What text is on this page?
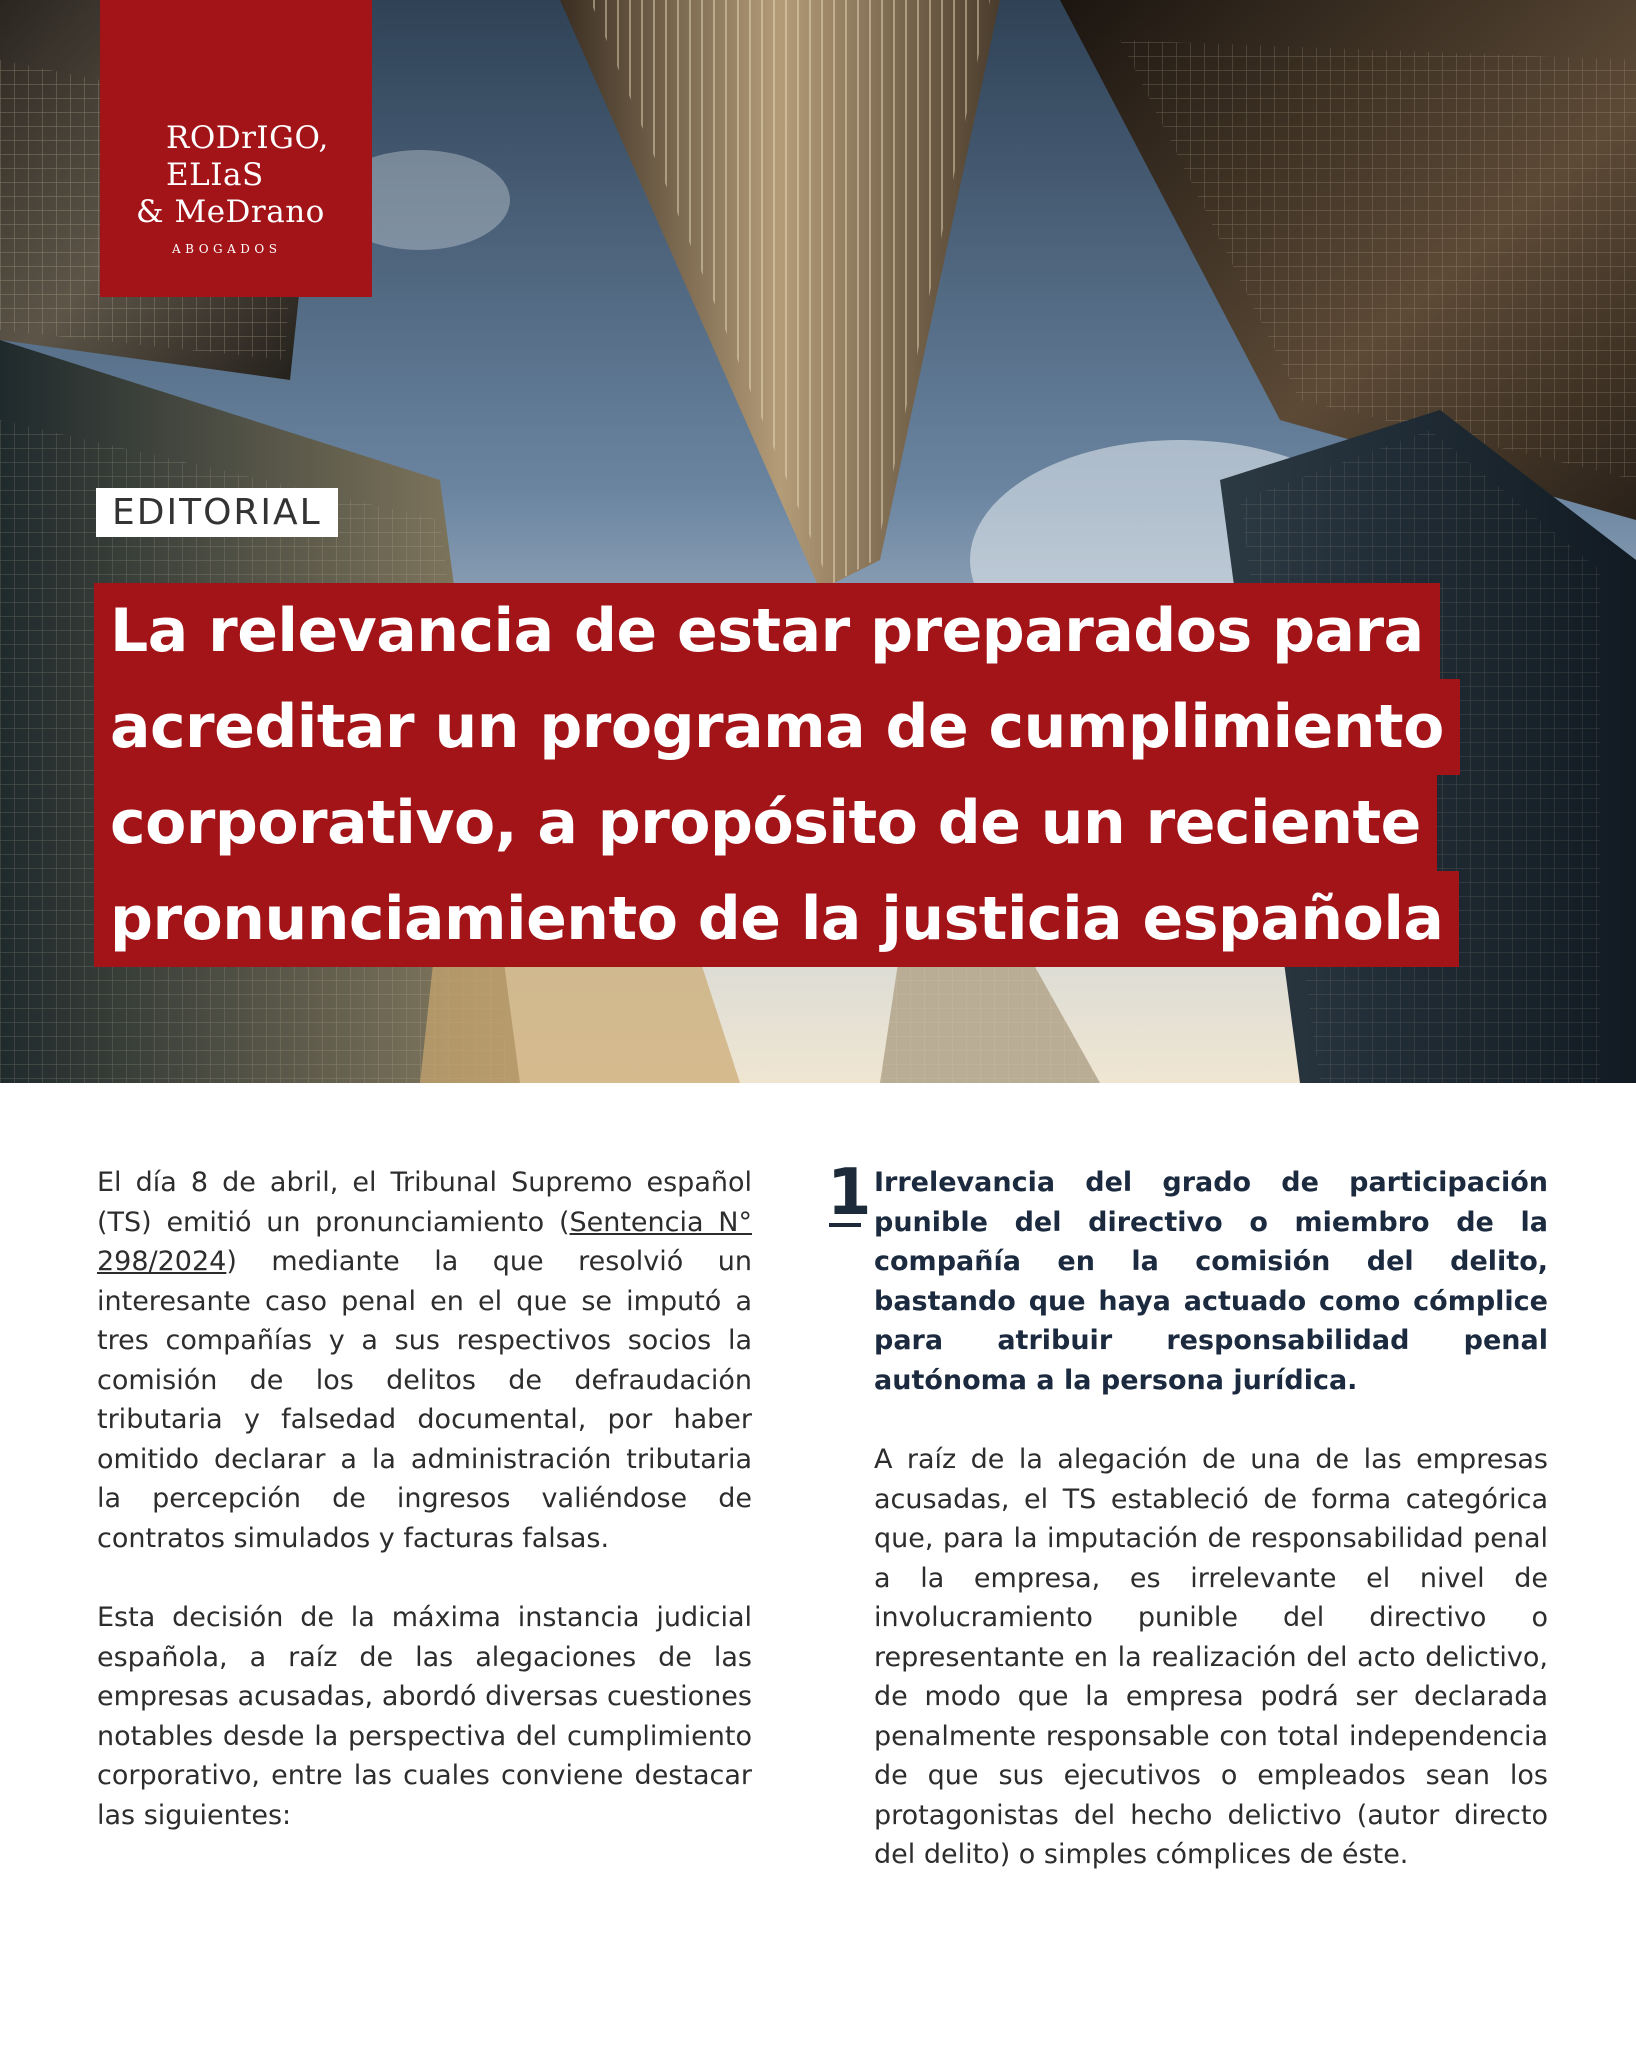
RODrIGO,
ELIaS
& MeDrano
ABOGADOS
EDITORIAL
La relevancia de estar preparados para
acreditar un programa de cumplimiento
corporativo, a propósito de un reciente
pronunciamiento de la justicia española

El día 8 de abril, el Tribunal Supremo español (TS) emitió un pronunciamiento (Sentencia N° 298/2024) mediante la que resolvió un interesante caso penal en el que se imputó a tres compañías y a sus respectivos socios la comisión de los delitos de defraudación tributaria y falsedad documental, por haber omitido declarar a la administración tributaria la percepción de ingresos valiéndose de contratos simulados y facturas falsas.

Esta decisión de la máxima instancia judicial española, a raíz de las alegaciones de las empresas acusadas, abordó diversas cuestiones notables desde la perspectiva del cumplimiento corporativo, entre las cuales conviene destacar las siguientes:

1 Irrelevancia del grado de participación punible del directivo o miembro de la compañía en la comisión del delito, bastando que haya actuado como cómplice para atribuir responsabilidad penal autónoma a la persona jurídica.

A raíz de la alegación de una de las empresas acusadas, el TS estableció de forma categórica que, para la imputación de responsabilidad penal a la empresa, es irrelevante el nivel de involucramiento punible del directivo o representante en la realización del acto delictivo, de modo que la empresa podrá ser declarada penalmente responsable con total independencia de que sus ejecutivos o empleados sean los protagonistas del hecho delictivo (autor directo del delito) o simples cómplices de éste.
